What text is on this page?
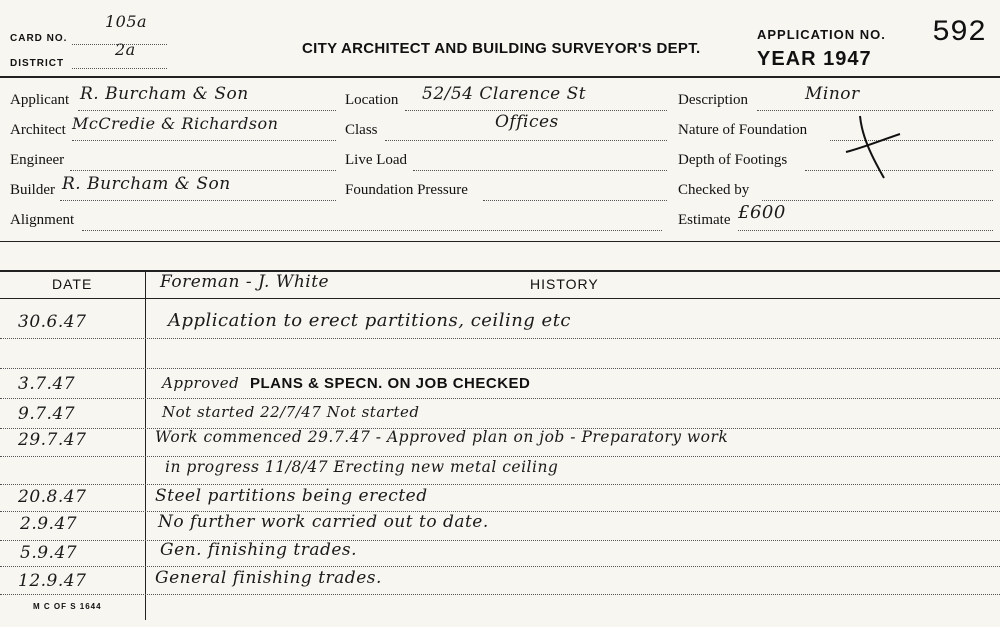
CARD NO.
105a
DISTRICT
2a	CITY ARCHITECT AND BUILDING SURVEYOR'S DEPT.
APPLICATION NO. 592
YEAR 1947
Applicant R. Burcham & Son
Architect McCredie & Richardson
Engineer
Builder R. Burcham & Son
Alignment
Location 52/54 Clarence St
Class	Offices
Live Load
Foundation Pressure
Description	Minor
Nature of Foundation
Depth of Footings
Checked by
Estimate £600
DATE	Foreman - J. White	HISTORY
30.6.47	Application to erect partitions, ceiling etc
3.7.47	Approved PLANS & SPECN. ON JOB CHECKED
9.7.47	Not started 22/7/47 Not started
29.7.47	Work commenced 29.7.47 - Approved plan on job - Preparatory work
in progress 11/8/47 Erecting new metal ceiling
20.8.47	Steel partitions being erected
2.9.47	No further work carried out to date.
5.9.47	Gen. finishing trades.
12.9.47	General finishing trades.
M C OF S 1644
